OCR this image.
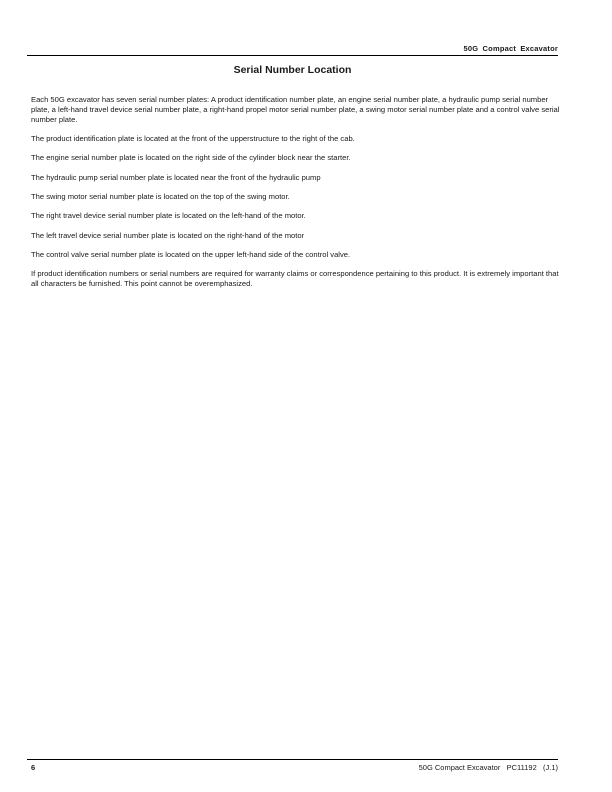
50G Compact Excavator
Serial Number Location

Each 50G excavator has seven serial number plates: A product identification number plate, an engine serial number plate, a hydraulic pump serial number plate, a left-hand travel device serial number plate, a right-hand propel motor serial number plate, a swing motor serial number plate and a control valve serial number plate.

The product identification plate is located at the front of the upperstructure to the right of the cab.

The engine serial number plate is located on the right side of the cylinder block near the starter.

The hydraulic pump serial number plate is located near the front of the hydraulic pump

The swing motor serial number plate is located on the top of the swing motor.

The right travel device serial number plate is located on the left-hand of the motor.

The left travel device serial number plate is located on the right-hand of the motor

The control valve serial number plate is located on the upper left-hand side of the control valve.

If product identification numbers or serial numbers are required for warranty claims or correspondence pertaining to this product. It is extremely important that all characters be furnished. This point cannot be overemphasized.

6	50G Compact Excavator   PC11192   (J.1)
